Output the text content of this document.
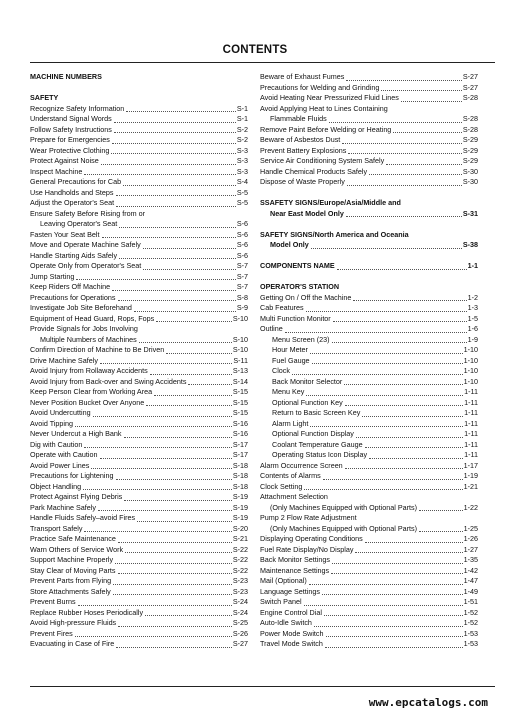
CONTENTS
MACHINE NUMBERS
SAFETY
Recognize Safety Information	S-1
Understand Signal Words	S-1
Follow Safety Instructions	S-2
Prepare for Emergencies	S-2
Wear Protective Clothing	S-3
Protect Against Noise	S-3
Inspect Machine	S-3
General Precautions for Cab	S-4
Use Handholds and Steps	S-5
Adjust the Operator's Seat	S-5
Ensure Safety Before Rising from or
Leaving Operator's Seat	S-6
Fasten Your Seat Belt	S-6
Move and Operate Machine Safely	S-6
Handle Starting Aids Safely	S-6
Operate Only from Operator's Seat	S-7
Jump Starting	S-7
Keep Riders Off Machine	S-7
Precautions for Operations	S-8
Investigate Job Site Beforehand	S-9
Equipment of Head Guard, Rops, Fops	S-10
Provide Signals for Jobs Involving
Multiple Numbers of Machines	S-10
Confirm Direction of Machine to Be Driven	S-10
Drive Machine Safely	S-11
Avoid Injury from Rollaway Accidents	S-13
Avoid Injury from Back-over and Swing Accidents	S-14
Keep Person Clear from Working Area	S-15
Never Position Bucket Over Anyone	S-15
Avoid Undercutting	S-15
Avoid Tipping	S-16
Never Undercut a High Bank	S-16
Dig with Caution	S-17
Operate with Caution	S-17
Avoid Power Lines	S-18
Precautions for Lightening	S-18
Object Handling	S-18
Protect Against Flying Debris	S-19
Park Machine Safely	S-19
Handle Fluids Safely–avoid Fires	S-19
Transport Safely	S-20
Practice Safe Maintenance	S-21
Warn Others of Service Work	S-22
Support Machine Properly	S-22
Stay Clear of Moving Parts	S-22
Prevent Parts from Flying	S-23
Store Attachments Safely	S-23
Prevent Burns	S-24
Replace Rubber Hoses Periodically	S-24
Avoid High-pressure Fluids	S-25
Prevent Fires	S-26
Evacuating in Case of Fire	S-27
Beware of Exhaust Fumes	S-27
Precautions for Welding and Grinding	S-27
Avoid Heating Near Pressurized Fluid Lines	S-28
Avoid Applying Heat to Lines Containing
Flammable Fluids	S-28
Remove Paint Before Welding or Heating	S-28
Beware of Asbestos Dust	S-29
Prevent Battery Explosions	S-29
Service Air Conditioning System Safely	S-29
Handle Chemical Products Safely	S-30
Dispose of Waste Properly	S-30
SSAFETY SIGNS/Europe/Asia/Middle and
Near East Model Only	S-31
SAFETY SIGNS/North America and Oceania
Model Only	S-38
COMPONENTS NAME	1-1
OPERATOR'S STATION
Getting On / Off the Machine	1-2
Cab Features	1-3
Multi Function Monitor	1-5
Outline	1-6
Menu Screen (23)	1-9
Hour Meter	1-10
Fuel Gauge	1-10
Clock	1-10
Back Monitor Selector	1-10
Menu Key	1-11
Optional Function Key	1-11
Return to Basic Screen Key	1-11
Alarm Light	1-11
Optional Function Display	1-11
Coolant Temperature Gauge	1-11
Operating Status Icon Display	1-11
Alarm Occurrence Screen	1-17
Contents of Alarms	1-19
Clock Setting	1-21
Attachment Selection
(Only Machines Equipped with Optional Parts)	1-22
Pump 2 Flow Rate Adjustment
(Only Machines Equipped with Optional Parts)	1-25
Displaying Operating Conditions	1-26
Fuel Rate Display/No Display	1-27
Back Monitor Settings	1-35
Maintenance Settings	1-42
Mail (Optional)	1-47
Language Settings	1-49
Switch Panel	1-51
Engine Control Dial	1-52
Auto-Idle Switch	1-52
Power Mode Switch	1-53
Travel Mode Switch	1-53
www.epcatalogs.com
